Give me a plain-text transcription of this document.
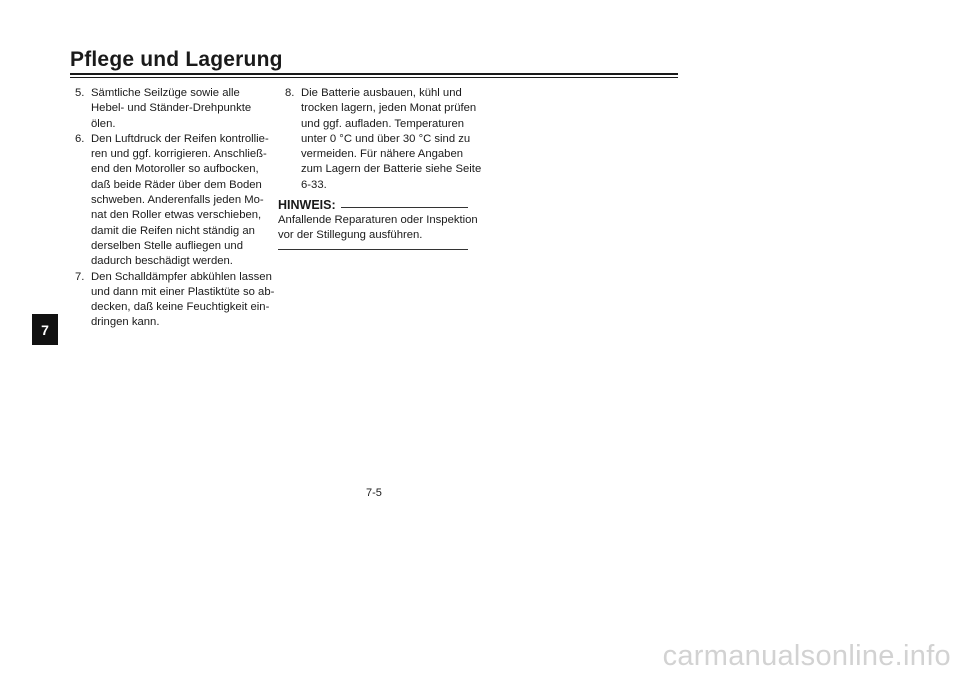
Pflege und Lagerung
7
5. Sämtliche Seilzüge sowie alle
Hebel- und Ständer-Drehpunkte
ölen.
6. Den Luftdruck der Reifen kontrollie-
ren und ggf. korrigieren. Anschließ-
end den Motoroller so aufbocken,
daß beide Räder über dem Boden
schweben. Anderenfalls jeden Mo-
nat den Roller etwas verschieben,
damit die Reifen nicht ständig an
derselben Stelle aufliegen und
dadurch beschädigt werden.
7. Den Schalldämpfer abkühlen lassen
und dann mit einer Plastiktüte so ab-
decken, daß keine Feuchtigkeit ein-
dringen kann.
8. Die Batterie ausbauen, kühl und
trocken lagern, jeden Monat prüfen
und ggf. aufladen. Temperaturen
unter 0 °C und über 30 °C sind zu
vermeiden. Für nähere Angaben
zum Lagern der Batterie siehe Seite
6-33.
HINWEIS:
Anfallende Reparaturen oder Inspektion
vor der Stillegung ausführen.
7-5
carmanualsonline.info
